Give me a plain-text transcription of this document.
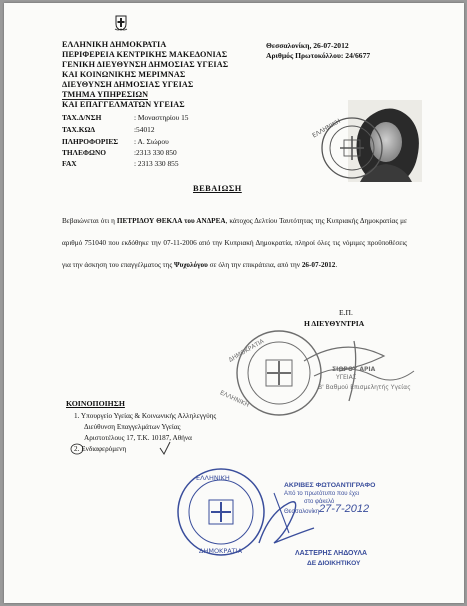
ΕΛΛΗΝΙΚΗ ΔΗΜΟΚΡΑΤΙΑ
ΠΕΡΙΦΕΡΕΙΑ ΚΕΝΤΡΙΚΗΣ ΜΑΚΕΔΟΝΙΑΣ
ΓΕΝΙΚΗ ΔΙΕΥΘΥΝΣΗ ΔΗΜΟΣΙΑΣ ΥΓΕΙΑΣ
ΚΑΙ ΚΟΙΝΩΝΙΚΗΣ ΜΕΡΙΜΝΑΣ
ΔΙΕΥΘΥΝΣΗ ΔΗΜΟΣΙΑΣ ΥΓΕΙΑΣ
ΤΜΗΜΑ ΥΠΗΡΕΣΙΩΝ
ΚΑΙ ΕΠΑΓΓΕΛΜΑΤΩΝ ΥΓΕΙΑΣ
Θεσσαλονίκη, 26-07-2012
Αριθμός Πρωτοκόλλου: 24/6677
ΤΑΧ.Δ/ΝΣΗ	: Μοναστηρίου 15
ΤΑΧ.ΚΩΔ	:54012
ΠΛΗΡΟΦΟΡΙΕΣ : Α. Σιώρου
ΤΗΛΕΦΩΝΟ	:2313 330 850
FAX	: 2313 330 855
ΕΛΛΗΝΙΚΗ
ΒΕΒΑΙΩΣΗ
Βεβαιώνεται ότι η ΠΕΤΡΙΔΟΥ ΘΕΚΛΑ του ΑΝΔΡΕΑ, κάτοχος Δελτίου Ταυτότητας της Κυπριακής Δημοκρατίας με αριθμό 751040 που εκδόθηκε την 07-11-2006 από την Κυπριακή Δημοκρατία, πληροί όλες τις νόμιμες προϋποθέσεις για την άσκηση του επαγγέλματος της Ψυχολόγου σε όλη την επικράτεια, από την 26-07-2012.
Ε.Π.
Η ΔΙΕΥΘΥΝΤΡΙΑ
ΔΗΜΟΚΡΑΤΙΑ
ΕΛΛΗΝΙΚΗ
ΣΙΩΡΟΥ ΑΡΙΑ
ΥΓΕΙΑΣ
Β' Βαθμού Επισμελητής Υγείας
ΚΟΙΝΟΠΟΙΗΣΗ
1. Υπουργείο Υγείας & Κοινωνικής Αλληλεγγύης
Διεύθυνση Επαγγελμάτων Υγείας
Αριστοτέλους 17, Τ.Κ. 10187, Αθήνα
2. Ενδιαφερόμενη
ΕΛΛΗΝΙΚΗ
ΔΗΜΟΚΡΑΤΙΑ
ΑΚΡΙΒΕΣ ΦΩΤΟΑΝΤΙΓΡΑΦΟ
Από το πρωτότυπο που έχει
στο φάκελό
Θεσσαλονίκη 27-7-2012
ΛΑΣΤΕΡΗΣ ΛΗΔΟΥΛΑ
ΔΕ ΔΙΟΙΚΗΤΙΚΟΥ
